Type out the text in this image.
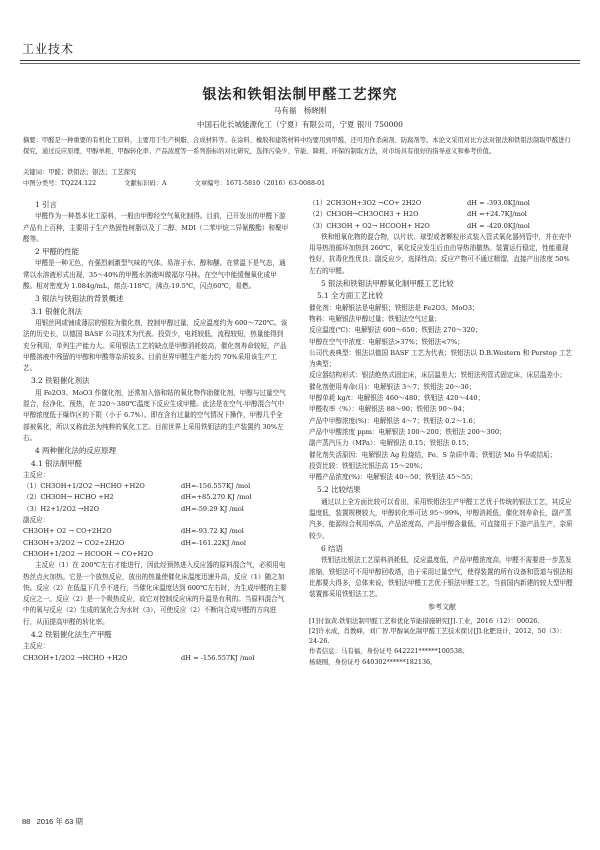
工业技术
银法和铁钼法制甲醛工艺探究
马有福　杨晓刚
中国石化长城能源化工（宁夏）有限公司，宁夏 银川 750000
摘要：甲醛是一种重要的有机化工原料，主要用于生产树脂、合成材料等。在涂料、橡胶和建筑材料中均要用到甲醛，还可用作杀菌剂、防腐剂等。本论文采用对比方法对银法和铁钼法制取甲醛进行探究，通过反应原理、甲醇单耗、甲醇转化率、产品浓度等一系列指标的对比研究，选择污染少、节能、降耗、环保的制取方法，对市场具有很好的指导意义和参考价值。
关键词：甲醛；铁钼法；银法；工艺探究
中图分类号：TQ224.122	文献标识码：A	文章编号：1671-5810（2016）63-0088-01

1 引言

甲醛作为一种基本化工原料，一般由甲醇经空气氧化制得。目前，已开发出的甲醛下游产品有上百种，主要用于生产热固性树脂以及丁二醇、MDI（二苯甲烷二异氰酸酯）和聚甲醛等。

2 甲醛的性能

甲醛是一种无色，有强烈刺激型气味的气体。易溶于水、醇和醚。在常温下是气态，通常以水溶液形式出现，35～40%的甲醛水溶液叫做福尔马林。在空气中能缓慢氧化成甲酸。相对密度为 1.084g/mL，熔点-118℃，沸点-19.5℃，闪点60℃，易燃。

3 银法与铁钼法的背景概述

3.1 银催化剂法

用银丝网或铺成薄层的银粒为催化剂，控制甲醇过量，反应温度约为 600～720℃。该法的历史长，以德国 BASF 公司技术为代表。投资少，电耗较低，流程较短，热量能得到充分利用，单列生产能力大。采用银法工艺的缺点是甲醇消耗较高，催化剂寿命较短，产品甲醛溶液中残留的甲醇和甲酸等杂质较多。目前世界甲醛生产能力约 70%采用该生产工艺。

3.2 铁钼催化剂法

用 Fe2O3、MoO3 作催化剂，还常加入铬和钴的氧化物作助催化剂，甲醇与过量空气混合，经净化、预热，在 320～380℃温度下反应生成甲醛。此法是在空气-甲醇混合气中甲醇浓度低于爆炸区的下限（小于 6.7%）。即在含有过量的空气情况下操作，甲醇几乎全部被氧化，所以又称此法为纯粹的氧化工艺。目前世界上采用铁钼法的生产装置约 30%左右。

4 两种催化法的反应原理

4.1 银法制甲醛

主反应：

（1）CH3OH+1/2O2 →HCHO +H2O	dH=-156.557KJ /mol
（2）CH3OH→ HCHO +H2	dH=+85.270 KJ /mol
（3）H2+1/2O2 →H2O	dH=-59.29 KJ /mol

副反应：

CH3OH+ O2 → CO+2H2O	dH=-93.72 KJ /mol
CH3OH+3/2O2 → CO2+2H2O	dH=-161.22KJ /mol
CH3OH+1/2O2 → HCOOH → CO+H2O

主反应（1）在 200℃左右才能进行，因此经预热进入反应器的原料混合气，必须用电热丝点火加热。它是一个放热反应，放出的热量使催化床温度迅速升高，反应（1）随之加快。反应（2）在低温下几乎不进行，当催化床温度达到 600℃左右时，为生成甲醛的主要反应之一。反应（2）是一个吸热反应，故它对控制反应床的升温是有利的。当原料混合气中的氧与反应（2）生成的氢化合为水时（3），可使反应（2）不断向合成甲醛的方向进行，从而提高甲醛的转化率。

4.2 铁钼催化法生产甲醛

主反应：

CH3OH+1/2O2 →HCHO +H2O	dH = -156.557KJ /mol
（1）2CH3OH+3O2 →CO+ 2H2O	dH = -393.0KJ/mol
（2）CH3OH→CH3OCH3 + H2O	dH =+24.7KJ/mol
（3）CH3OH + O2→ HCOOH+ H2O	dH = -420.0KJ/mol

铁和钼氧化物的混合物，以片状、球型或者颗粒形式装入管式氧化器列管中，并在壳中用导热油循环加热到 260℃，氧化反应发生后由由导热油撤热。装置运行稳定，性能重现性好，抗毒化性优良；副反应少，选择性高；反应产物可不通过精馏，直接产出浓度 50%左右的甲醛。

5 银法和铁钼法甲醇氧化制甲醛工艺比较

5.1 全方面工艺比较

催化剂：电解银法是电解银；铁钼法是 Fe2O3、MoO3；

物料：电解银法甲醇过量；铁钼法空气过量；

反应温度(℃)：电解银法 600～650；铁钼法 270～320；

甲醇在空气中浓度：电解银法>37%；铁钼法<7%；

公司代表典型：银法以德国 BASF 工艺为代表；铁钼法以 D.B.Western 和 Perstop 工艺为典型；

反应器结构形式：银法绝热式固定床，床层温差大；铁钼法列管式固定床，床层温差小；

催化剂使用寿命(月)：电解银法 3～7；铁钼法 20～36；

甲醇单耗 kg/t：电解银法 460～480；铁钼法 420～440；

甲醛收率（%）：电解银法 88～90；铁钼法 90～94；

产品中甲醇浓度(%)：电解银法 4～7；铁钼法 0.2～1.6；

产品中甲酸浓度 ppm：电解银法 100～200；铁钼法 200～300；

副产蒸汽压力（MPa）：电解银法 0.15；铁钼法 0.15；

催化剂失活原因：电解银法 Ag 粒烧结，Fe、S 杂质中毒；铁钼法 Mo 升华或结垢；

投资比较：铁钼法比银法高 15～20%；

甲醛产品浓度(%)：电解银法 40～50；铁钼法 45～55；

5.2 比较结果

通过以上全方面比较可以看出，采用铁钼法生产甲醛工艺优于传统的银法工艺，其反应温度低，装置规模较大，甲醇转化率可达 95～99%，甲醇消耗低，催化剂寿命长，副产蒸汽多，能源综合利用率高，产品浓度高，产品甲醇含量低，可直接用于下游产品生产，杂质较少。

6 结语

铁钼法比银法工艺原料消耗低，反应温度低，产品甲醛浓度高，甲醛不需要进一步蒸发浓缩，铁钼法可不用甲醇回收塔，由于采用过量空气，使得装置的所有设备和管道与银法相比都要大得多，总体来说，铁钼法甲醛工艺优于银法甲醛工艺，当前国内新建的较大型甲醛装置都采用铁钼法工艺。

参考文献

[1]付叙黄.铁钼法制甲醛工艺和优化节能措施研究[J].工业，2016（12）：00026.

[2]许永成，肖教峰，刘广智.甲醇氧化制甲醛工艺技术探讨[J].化肥设计，2012，50（3）：24-26.

作者信息：马有福，身份证号 642221******100538。

杨晓刚，身份证号 640302******182136。

88 2016 年 63 期
